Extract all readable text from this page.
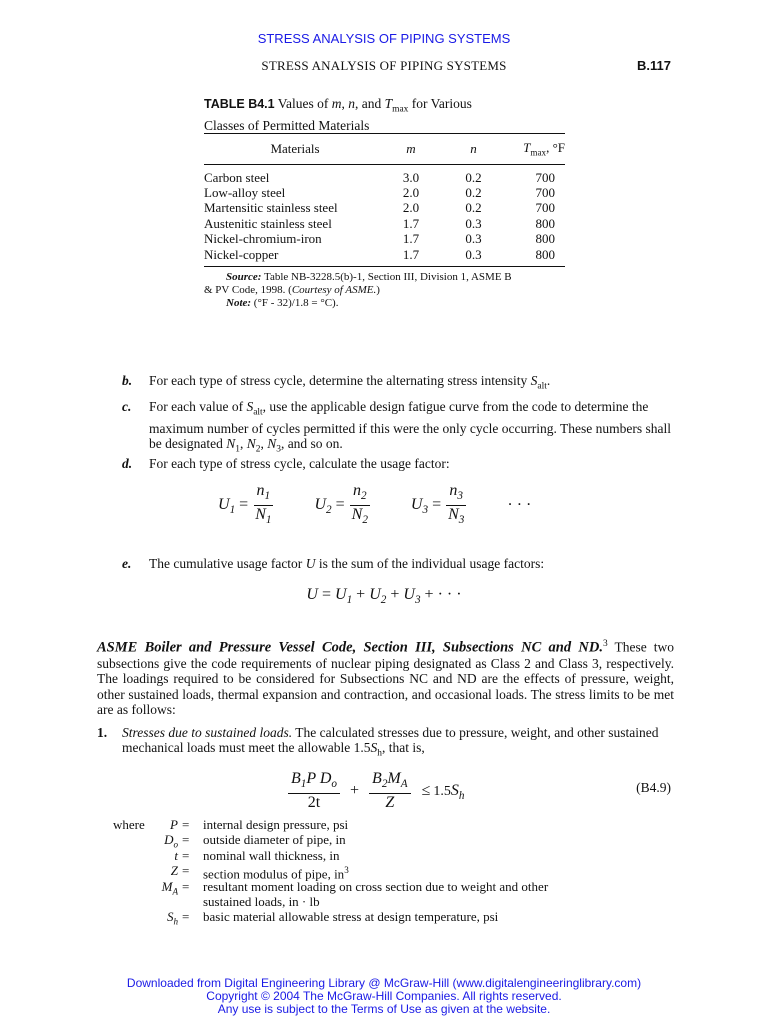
STRESS ANALYSIS OF PIPING SYSTEMS
STRESS ANALYSIS OF PIPING SYSTEMS	B.117
TABLE B4.1 Values of m, n, and $T_{max}$ for Various
Classes of Permitted Materials
Materials	m	n	$T_{max}$, °F
Carbon steel	3.0	0.2	700
Low-alloy steel	2.0	0.2	700
Martensitic stainless steel	2.0	0.2	700
Austenitic stainless steel	1.7	0.3	800
Nickel-chromium-iron	1.7	0.3	800
Nickel-copper	1.7	0.3	800
Source: Table NB-3228.5(b)-1, Section III, Division 1, ASME B
& PV Code, 1998. (Courtesy of ASME.)
Note: (°F - 32)/1.8 = °C).
b. For each type of stress cycle, determine the alternating stress intensity $S_{alt}$.
c. For each value of $S_{alt}$, use the applicable design fatigue curve from the code to determine the maximum number of cycles permitted if this were the only cycle occurring. These numbers shall be designated $N_1$, $N_2$, $N_3$, and so on.
d. For each type of stress cycle, calculate the usage factor:
$U_1 = \frac{n_1}{N_1}$	$U_2 = \frac{n_2}{N_2}$	$U_3 = \frac{n_3}{N_3}$	· · ·
e. The cumulative usage factor U is the sum of the individual usage factors:
$U = U_1 + U_2 + U_3$ + · · ·
ASME Boiler and Pressure Vessel Code, Section III, Subsections NC and ND.$^3$ These two subsections give the code requirements of nuclear piping designated as Class 2 and Class 3, respectively. The loadings required to be considered for Subsections NC and ND are the effects of pressure, weight, other sustained loads, thermal expansion and contraction, and occasional loads. The stress limits to be met are as follows:
1. Stresses due to sustained loads. The calculated stresses due to pressure, weight, and other sustained mechanical loads must meet the allowable $1.5S_h$, that is,
$\frac{B_1P D_o}{2t} + \frac{B_2M_A}{Z} \le 1.5S_h$
(B4.9)
where P = internal design pressure, psi
$D_o$ = outside diameter of pipe, in
t = nominal wall thickness, in
Z = section modulus of pipe, $in^3$
$M_A$ = resultant moment loading on cross section due to weight and other
sustained loads, in · lb
$S_h$ = basic material allowable stress at design temperature, psi
Downloaded from Digital Engineering Library @ McGraw-Hill (www.digitalengineeringlibrary.com)
Copyright © 2004 The McGraw-Hill Companies. All rights reserved.
Any use is subject to the Terms of Use as given at the website.
